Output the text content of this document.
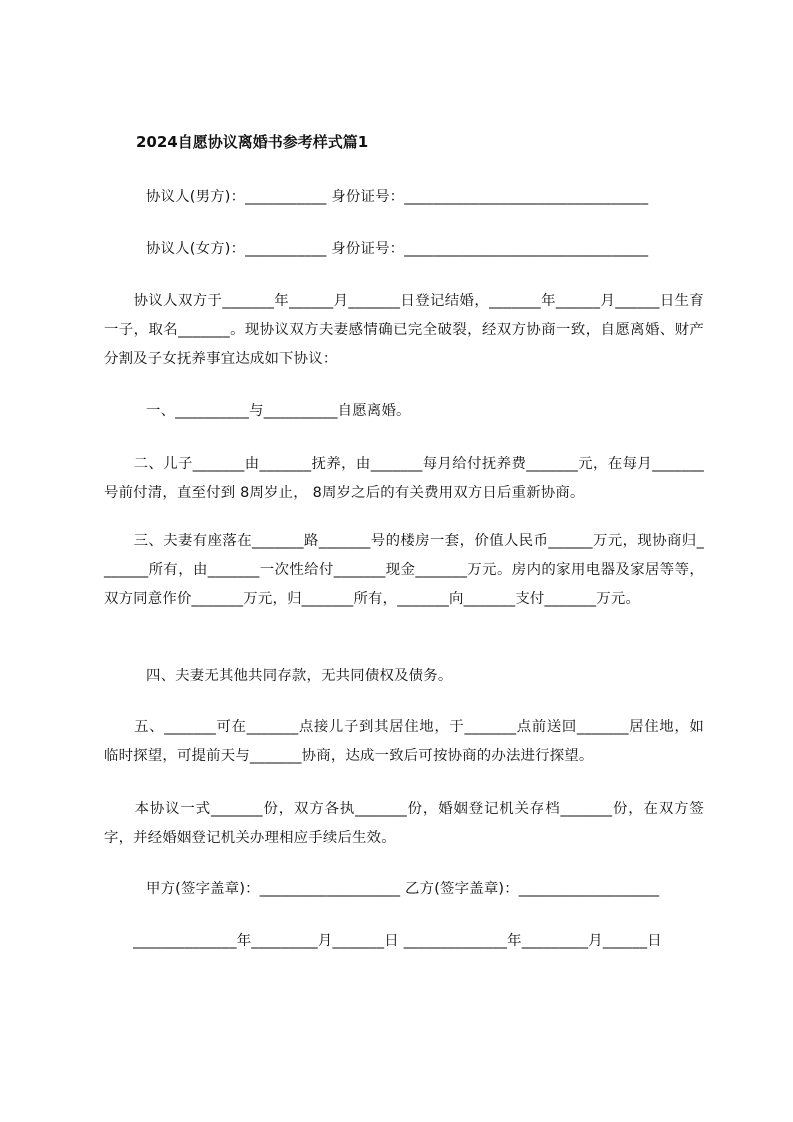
2024自愿协议离婚书参考样式篇1
协议人(男方)：___________ 身份证号：_________________________________
协议人(女方)：___________ 身份证号：_________________________________
　　协议人双方于_______年______月_______日登记结婚，_______年______月______日生育一子，取名_______。现协议双方夫妻感情确已完全破裂，经双方协商一致，自愿离婚、财产分割及子女抚养事宜达成如下协议：
一、__________与__________自愿离婚。
　　二、儿子_______由_______抚养，由_______每月给付抚养费_______元，在每月_______号前付清，直至付到 8周岁止， 8周岁之后的有关费用双方日后重新协商。
　　三、夫妻有座落在_______路_______号的楼房一套，价值人民币______万元，现协商归_______所有，由_______一次性给付_______现金_______万元。房内的家用电器及家居等等，双方同意作价_______万元，归_______所有，_______向_______支付_______万元。
四、夫妻无其他共同存款，无共同债权及债务。
　　五、_______可在_______点接儿子到其居住地，于_______点前送回_______居住地，如临时探望，可提前天与_______协商，达成一致后可按协商的办法进行探望。
　　本协议一式_______份，双方各执_______份，婚姻登记机关存档_______份，在双方签字，并经婚姻登记机关办理相应手续后生效。
甲方(签字盖章)：___________________ 乙方(签字盖章)：___________________
　　______________年_________月_______日 ______________年_________月______日
